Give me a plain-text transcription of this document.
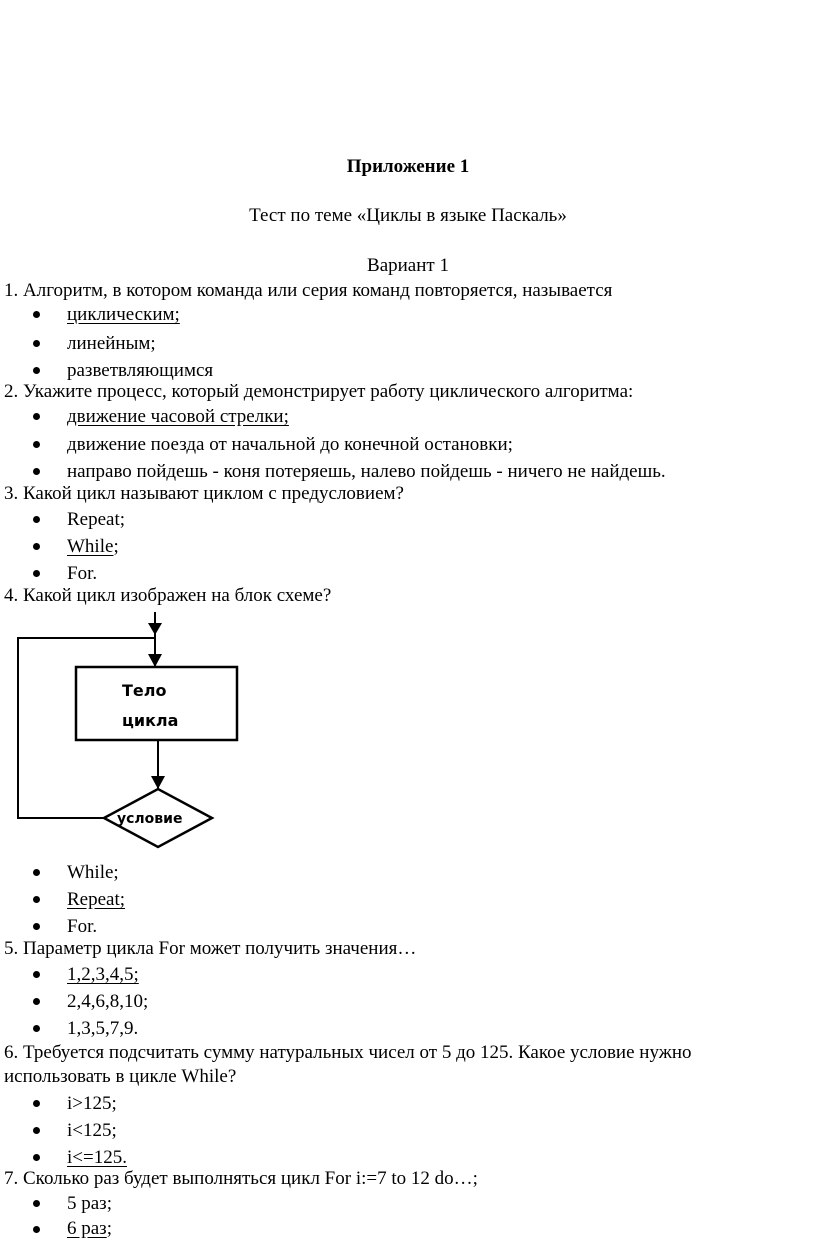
Приложение 1
Тест по теме «Циклы в языке Паскаль»
Вариант 1
1. Алгоритм, в котором команда или серия команд повторяется, называется
циклическим;
линейным;
разветвляющимся
2. Укажите процесс, который демонстрирует работу циклического алгоритма:
движение часовой стрелки;
движение поезда от начальной до конечной остановки;
направо пойдешь - коня потеряешь, налево пойдешь - ничего не найдешь.
3. Какой цикл называют циклом с предусловием?
Repeat;
While;
For.
4. Какой цикл изображен на блок схеме?
Тело
цикла
условие
While;
Repeat;
For.
5. Параметр цикла For может получить значения…
1,2,3,4,5;
2,4,6,8,10;
1,3,5,7,9.
6. Требуется подсчитать сумму натуральных чисел от 5 до 125. Какое условие нужно
использовать в цикле While?
i>125;
i<125;
i<=125.
7. Сколько раз будет выполняться цикл For i:=7 to 12 do…;
5 раз;
6 раз;
